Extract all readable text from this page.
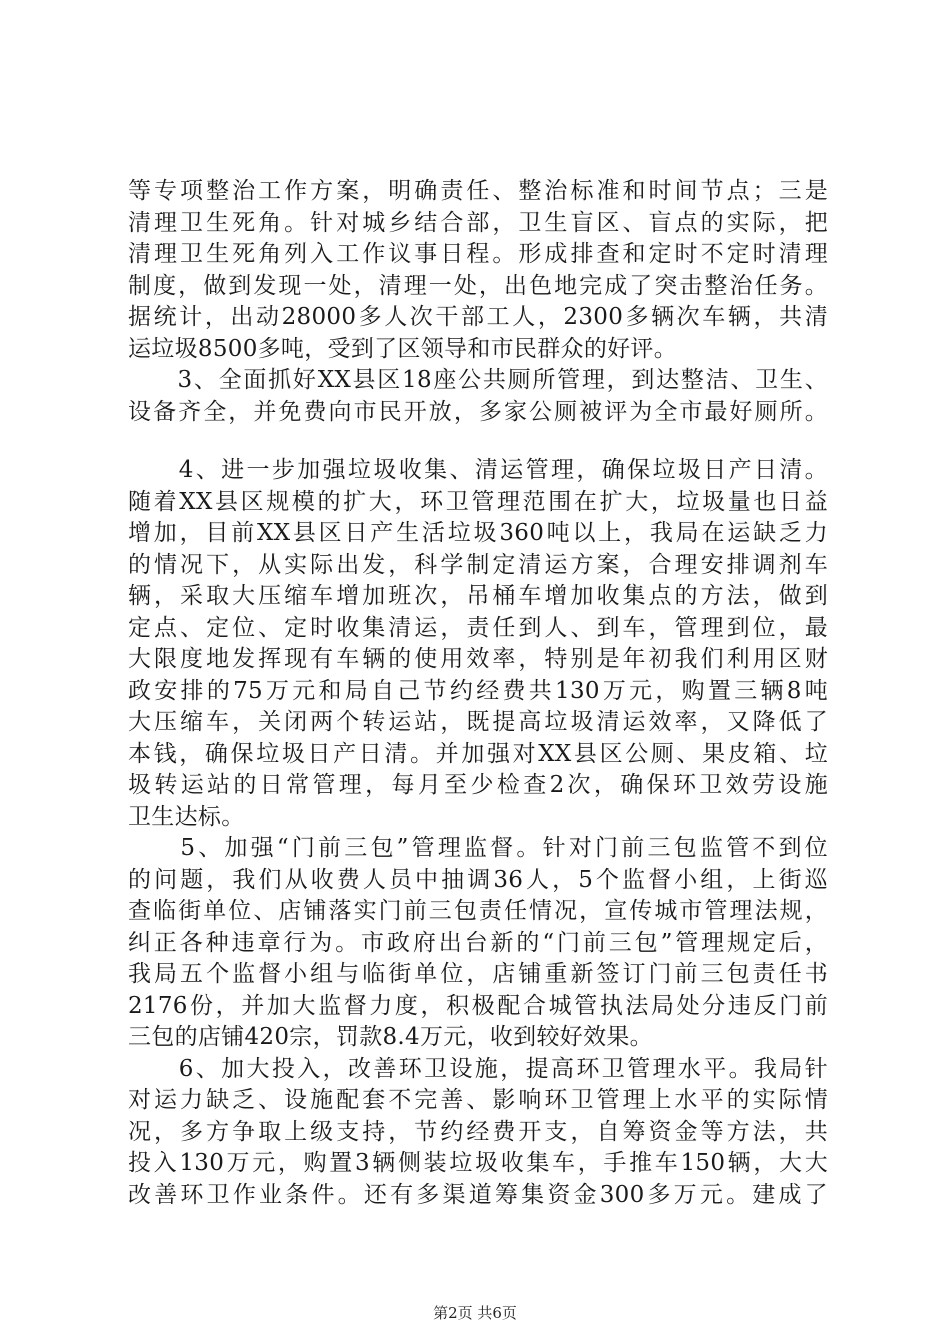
等专项整治工作方案，明确责任、整治标准和时间节点；三是
清理卫生死角。针对城乡结合部，卫生盲区、盲点的实际，把
清理卫生死角列入工作议事日程。形成排查和定时不定时清理
制度，做到发现一处，清理一处，出色地完成了突击整治任务。
据统计，出动28000多人次干部工人，2300多辆次车辆，共清
运垃圾8500多吨，受到了区领导和市民群众的好评。
　　3、全面抓好XX县区18座公共厕所管理，到达整洁、卫生、
设备齐全，并免费向市民开放，多家公厕被评为全市最好厕所。
　　4、进一步加强垃圾收集、清运管理，确保垃圾日产日清。
随着XX县区规模的扩大，环卫管理范围在扩大，垃圾量也日益
增加，目前XX县区日产生活垃圾360吨以上，我局在运缺乏力
的情况下，从实际出发，科学制定清运方案，合理安排调剂车
辆，采取大压缩车增加班次，吊桶车增加收集点的方法，做到
定点、定位、定时收集清运，责任到人、到车，管理到位，最
大限度地发挥现有车辆的使用效率，特别是年初我们利用区财
政安排的75万元和局自己节约经费共130万元，购置三辆8吨
大压缩车，关闭两个转运站，既提高垃圾清运效率，又降低了
本钱，确保垃圾日产日清。并加强对XX县区公厕、果皮箱、垃
圾转运站的日常管理，每月至少检查2次，确保环卫效劳设施
卫生达标。
　　5、加强“门前三包”管理监督。针对门前三包监管不到位
的问题，我们从收费人员中抽调36人，5个监督小组，上街巡
查临街单位、店铺落实门前三包责任情况，宣传城市管理法规，
纠正各种违章行为。市政府出台新的“门前三包”管理规定后，
我局五个监督小组与临街单位，店铺重新签订门前三包责任书
2176份，并加大监督力度，积极配合城管执法局处分违反门前
三包的店铺420宗，罚款8.4万元，收到较好效果。
　　6、加大投入，改善环卫设施，提高环卫管理水平。我局针
对运力缺乏、设施配套不完善、影响环卫管理上水平的实际情
况，多方争取上级支持，节约经费开支，自筹资金等方法，共
投入130万元，购置3辆侧装垃圾收集车，手推车150辆，大大
改善环卫作业条件。还有多渠道筹集资金300多万元。建成了
第2页 共6页
